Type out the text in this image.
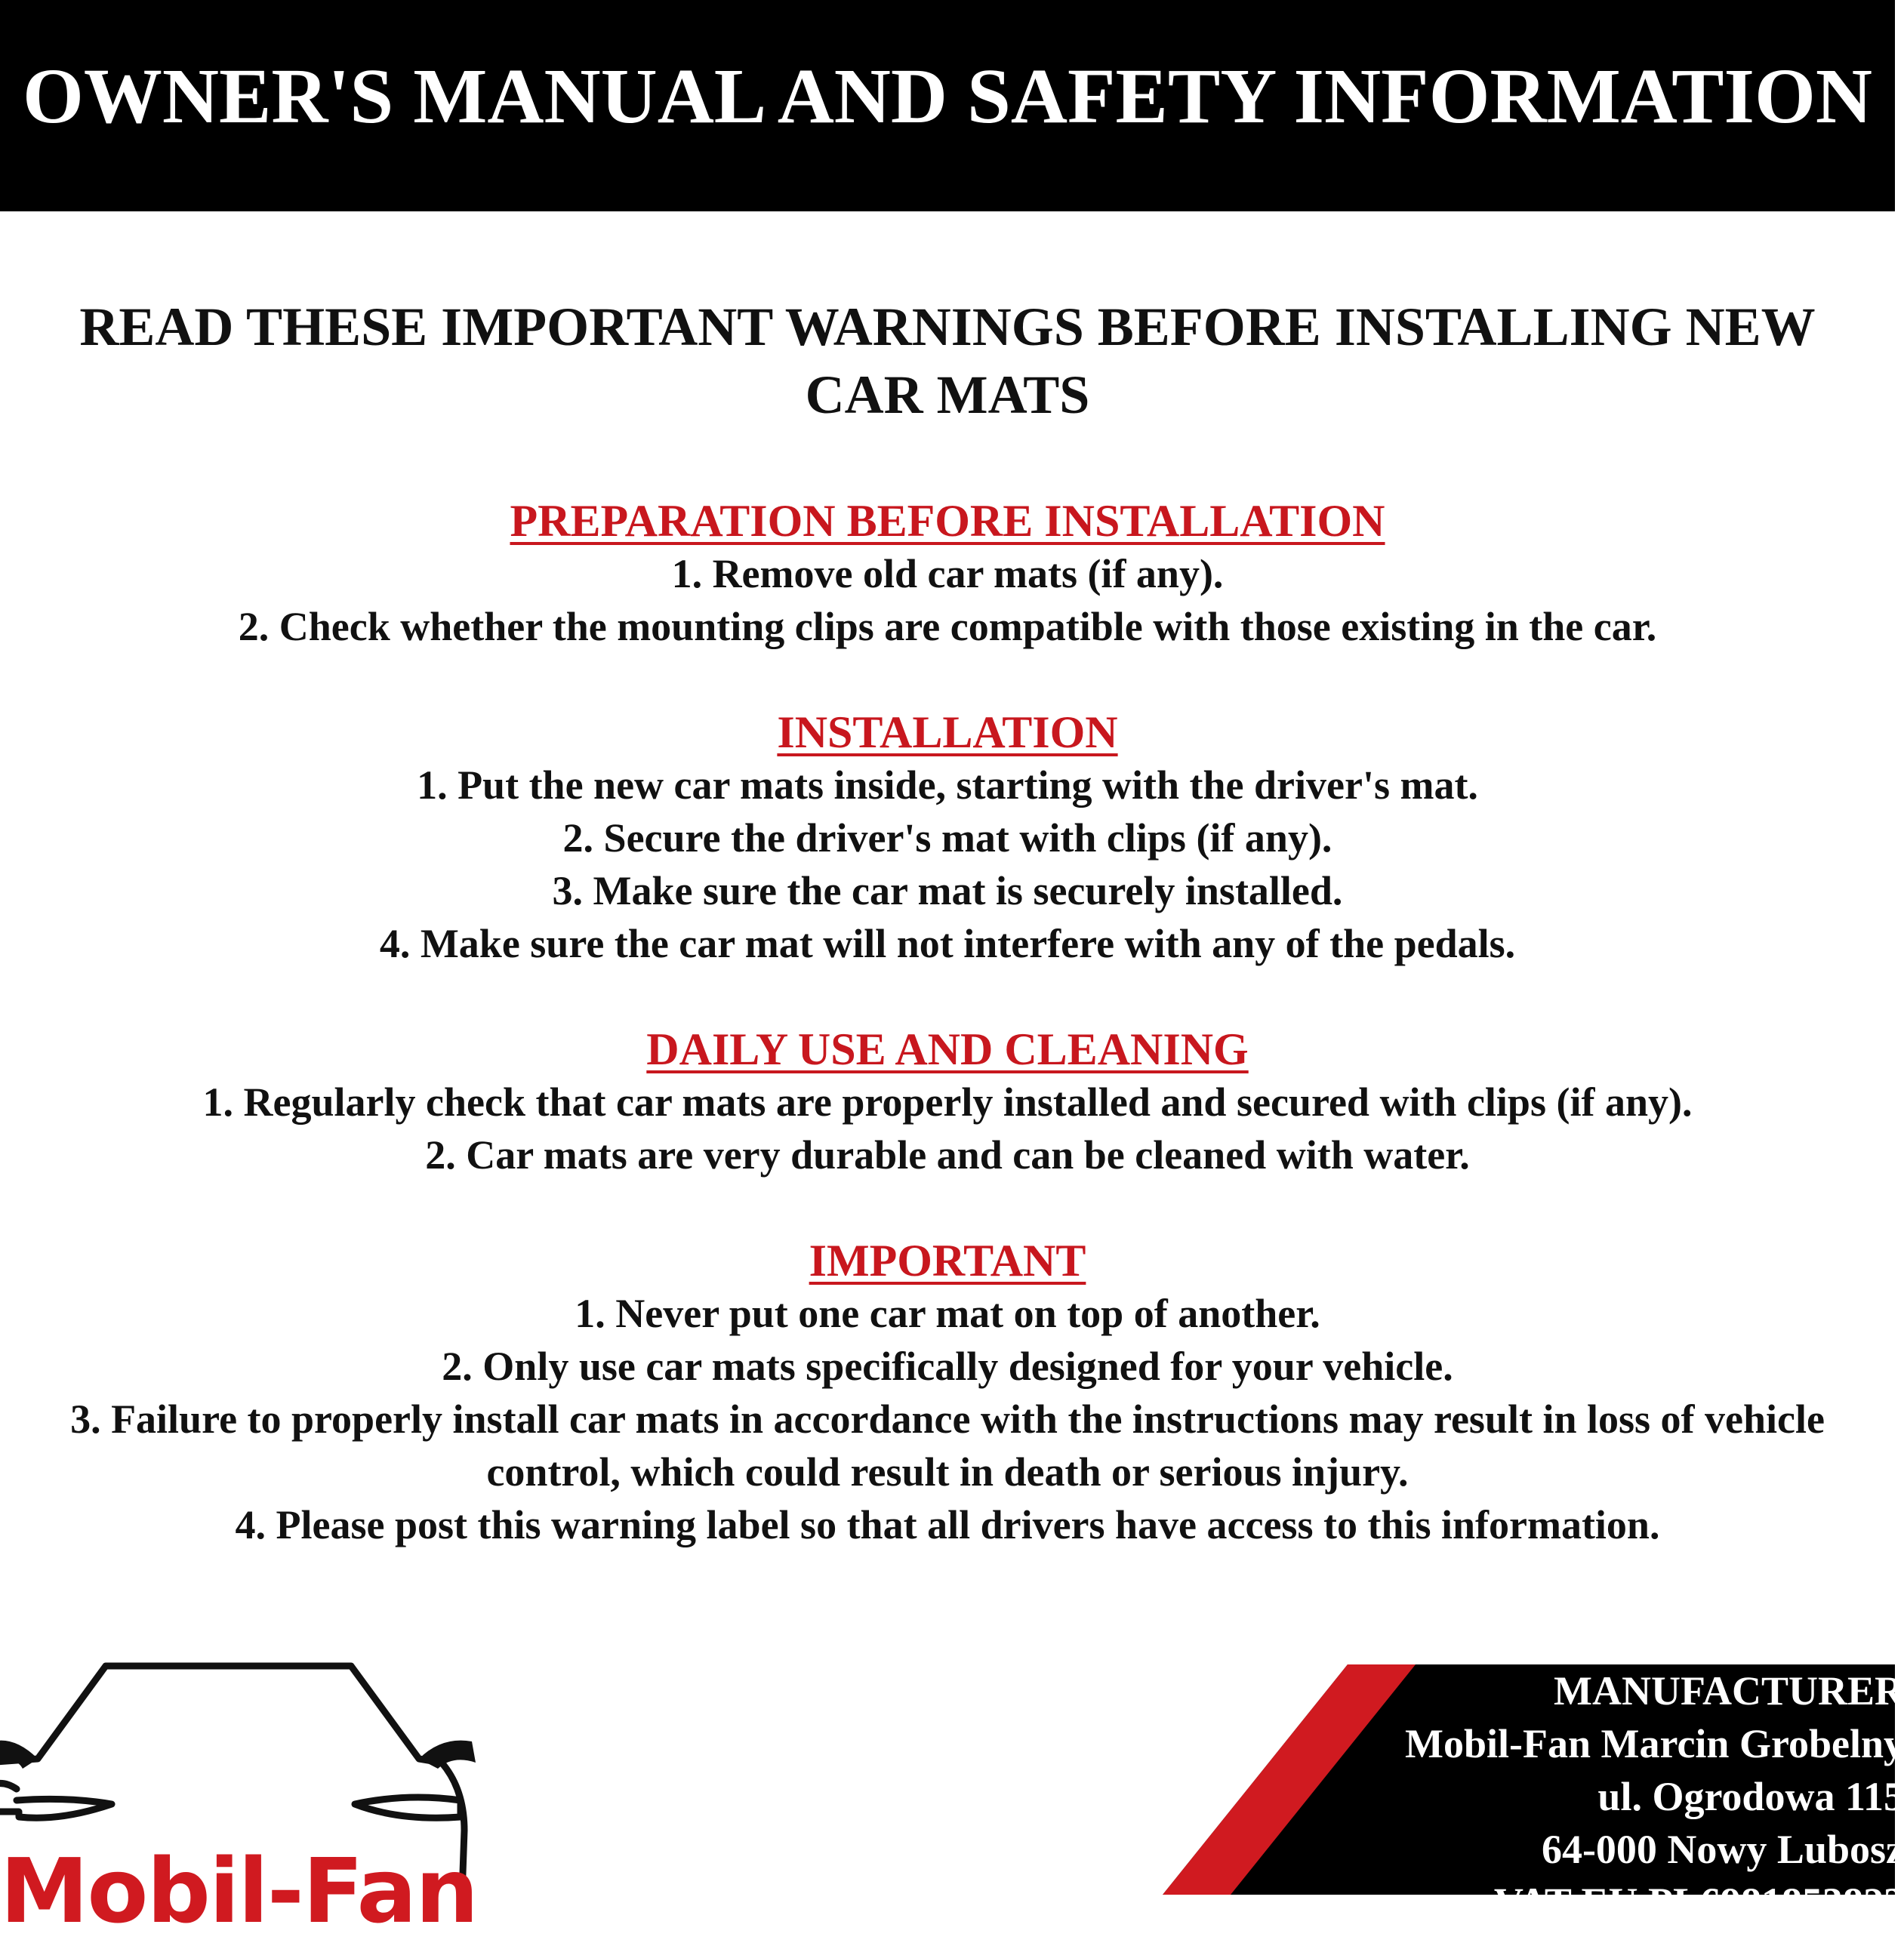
OWNER'S MANUAL AND SAFETY INFORMATION
READ THESE IMPORTANT WARNINGS BEFORE INSTALLING NEW CAR MATS
PREPARATION BEFORE INSTALLATION
1. Remove old car mats (if any).
2. Check whether the mounting clips are compatible with those existing in the car.
INSTALLATION
1. Put the new car mats inside, starting with the driver's mat.
2. Secure the driver's mat with clips (if any).
3. Make sure the car mat is securely installed.
4. Make sure the car mat will not interfere with any of the pedals.
DAILY USE AND CLEANING
1. Regularly check that car mats are properly installed and secured with clips (if any).
2. Car mats are very durable and can be cleaned with water.
IMPORTANT
1. Never put one car mat on top of another.
2. Only use car mats specifically designed for your vehicle.
3. Failure to properly install car mats in accordance with the instructions may result in loss of vehicle control, which could result in death or serious injury.
4. Please post this warning label so that all drivers have access to this information.
Mobil-Fan
MANUFACTURER
Mobil-Fan Marcin Grobelny
ul. Ogrodowa 115
64-000 Nowy Lubosz
VAT EU PL6981853823
